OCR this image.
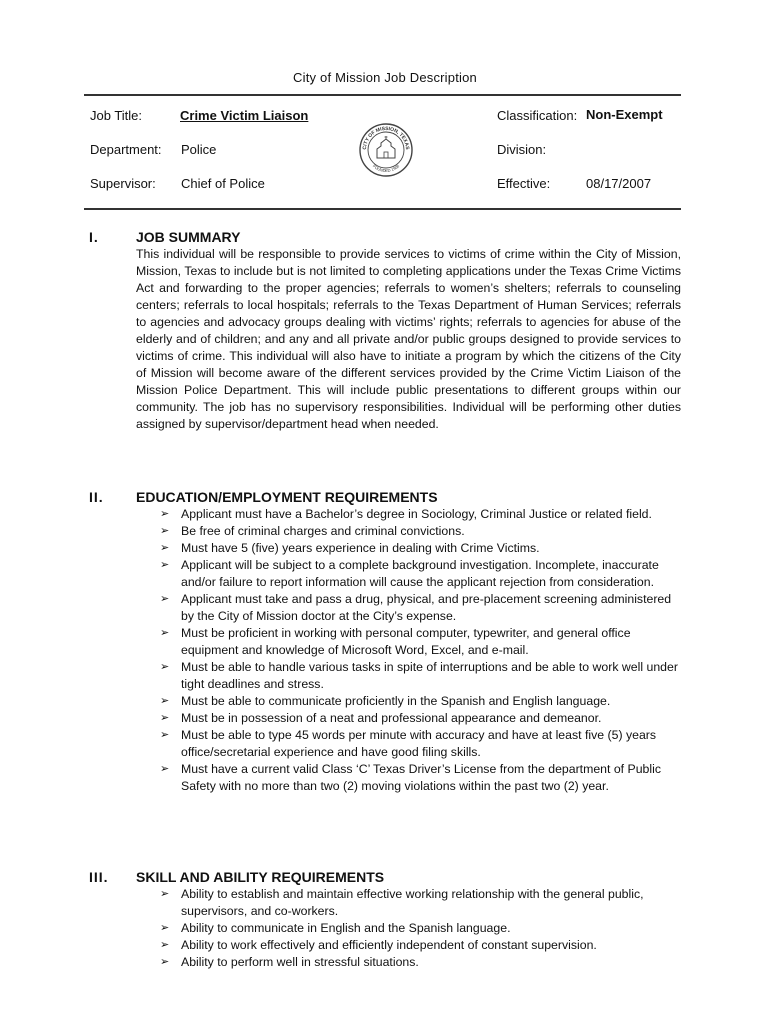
City of Mission Job Description
Job Title:	Crime Victim Liaison	Classification: Non-Exempt
Department: Police	Division:
Supervisor: Chief of Police	Effective:	08/17/2007
CITY OF MISSION, TEXAS
FOUNDED 1908
I.	JOB SUMMARY

This individual will be responsible to provide services to victims of crime within the City of Mission, Mission, Texas to include but is not limited to completing applications under the Texas Crime Victims Act and forwarding to the proper agencies; referrals to women’s shelters; referrals to counseling centers; referrals to local hospitals; referrals to the Texas Department of Human Services; referrals to agencies and advocacy groups dealing with victims’ rights; referrals to agencies for abuse of the elderly and of children; and any and all private and/or public groups designed to provide services to victims of crime. This individual will also have to initiate a program by which the citizens of the City of Mission will become aware of the different services provided by the Crime Victim Liaison of the Mission Police Department. This will include public presentations to different groups within our community. The job has no supervisory responsibilities. Individual will be performing other duties assigned by supervisor/department head when needed.

II. EDUCATION/EMPLOYMENT REQUIREMENTS
➢ Applicant must have a Bachelor’s degree in Sociology, Criminal Justice or related field.
➢ Be free of criminal charges and criminal convictions.
➢ Must have 5 (five) years experience in dealing with Crime Victims.
➢ Applicant will be subject to a complete background investigation. Incomplete, inaccurate and/or failure to report information will cause the applicant rejection from consideration.
➢ Applicant must take and pass a drug, physical, and pre-placement screening administered by the City of Mission doctor at the City’s expense.
➢ Must be proficient in working with personal computer, typewriter, and general office equipment and knowledge of Microsoft Word, Excel, and e-mail.
➢ Must be able to handle various tasks in spite of interruptions and be able to work well under tight deadlines and stress.
➢ Must be able to communicate proficiently in the Spanish and English language.
➢ Must be in possession of a neat and professional appearance and demeanor.
➢ Must be able to type 45 words per minute with accuracy and have at least five (5) years office/secretarial experience and have good filing skills.
➢ Must have a current valid Class ‘C’ Texas Driver’s License from the department of Public Safety with no more than two (2) moving violations within the past two (2) year.
III. SKILL AND ABILITY REQUIREMENTS
➢ Ability to establish and maintain effective working relationship with the general public, supervisors, and co-workers.
➢ Ability to communicate in English and the Spanish language.
➢ Ability to work effectively and efficiently independent of constant supervision.
➢ Ability to perform well in stressful situations.
